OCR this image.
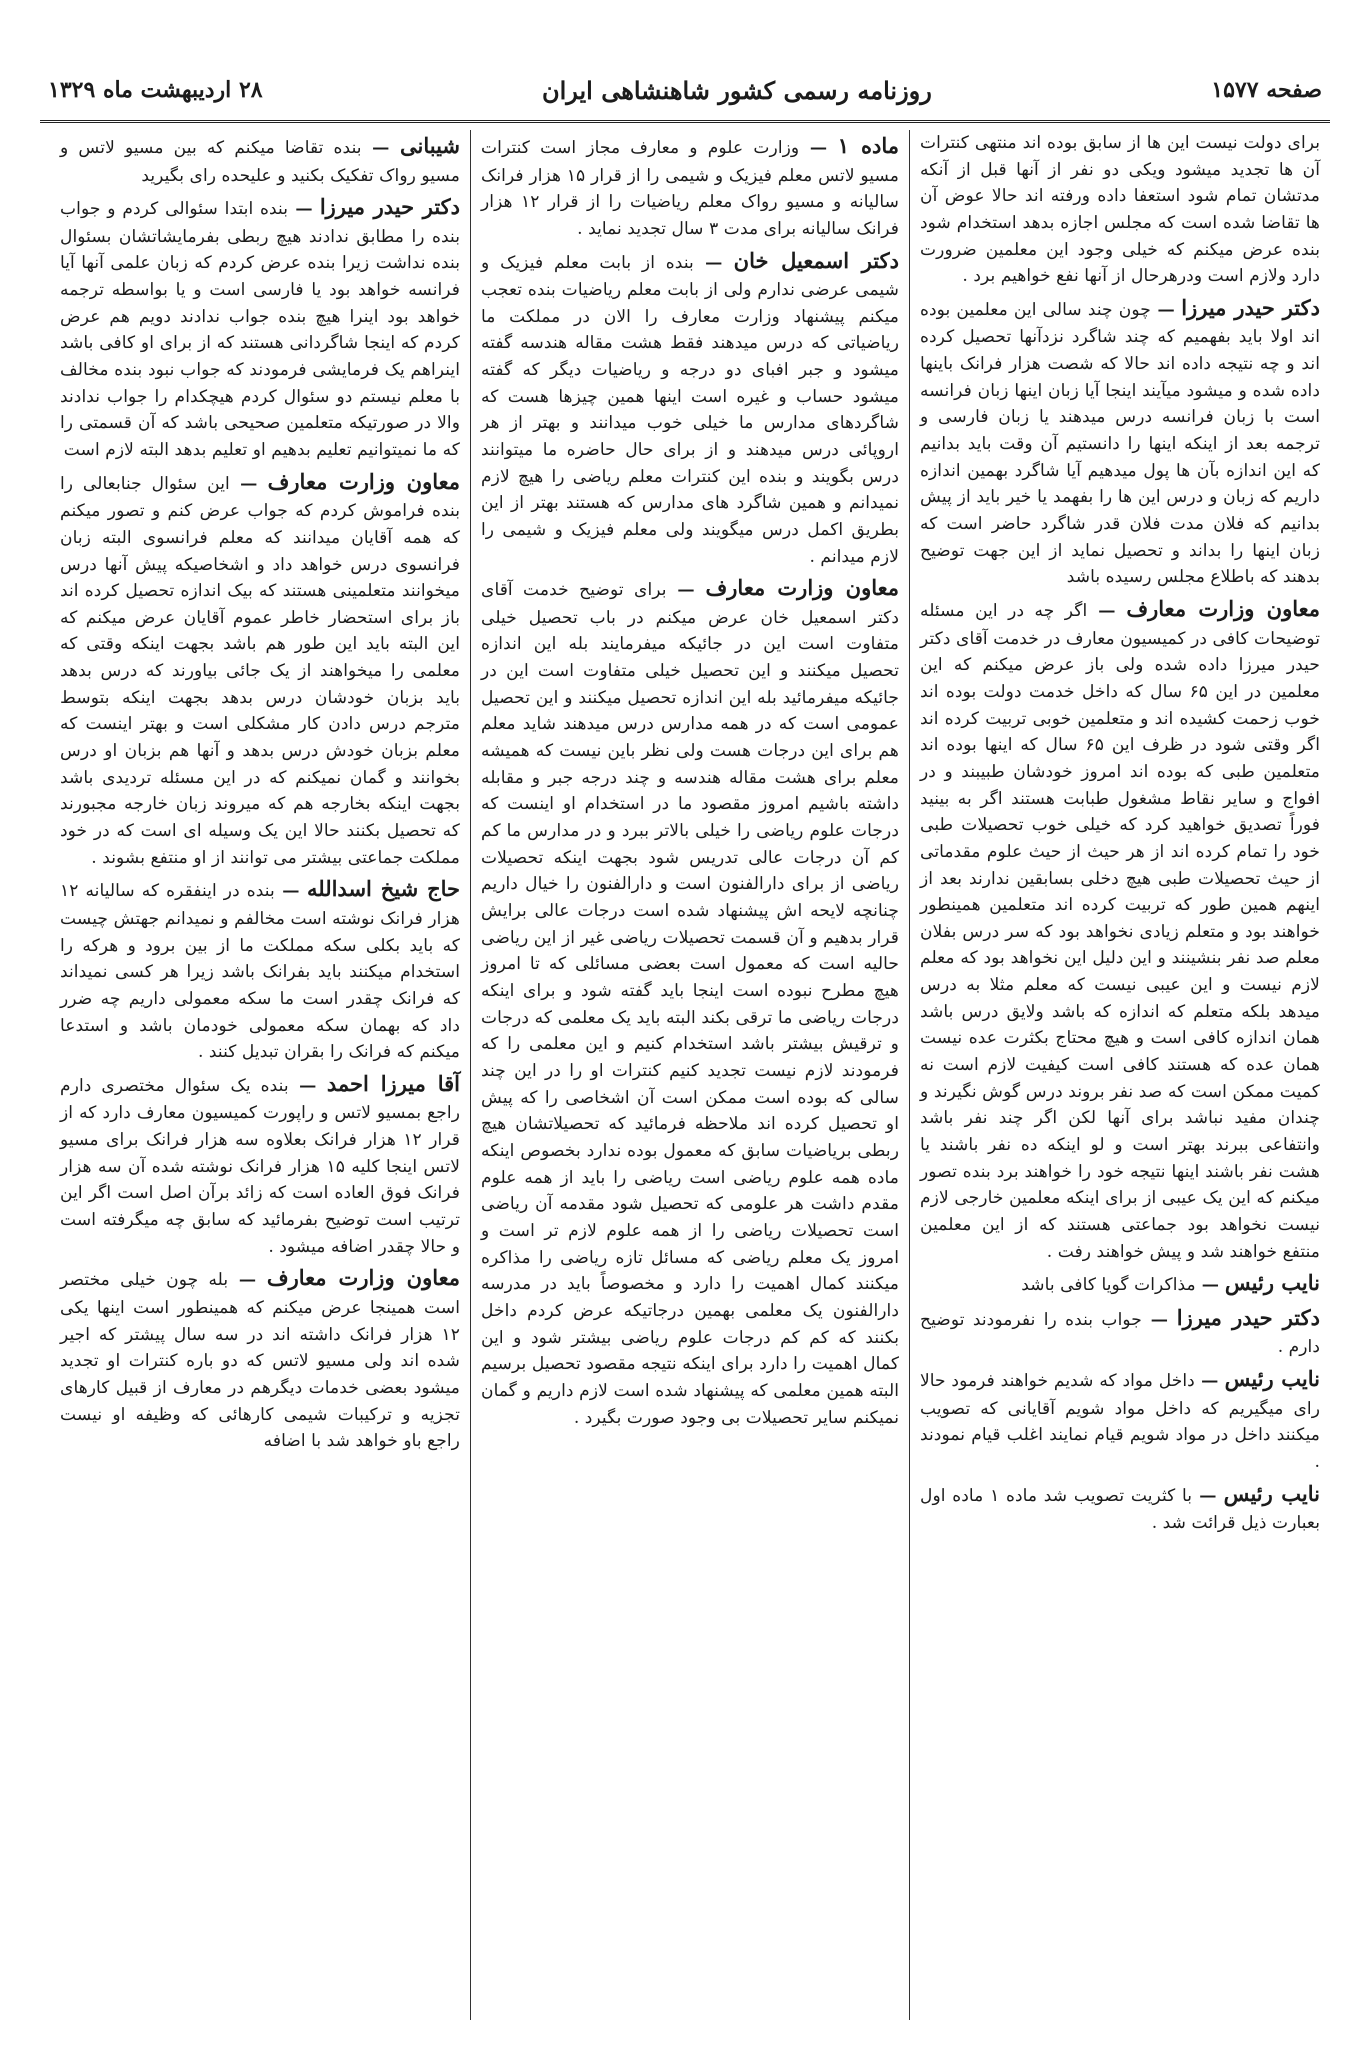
صفحه ۱۵۷۷
روزنامه رسمی کشور شاهنشاهی ایران
۲۸ اردیبهشت ماه ۱۳۲۹

برای دولت نیست این ها از سابق بوده اند منتهی کنترات آن ها تجدید میشود ویکی دو نفر از آنها قبل از آنکه مدتشان تمام شود استعفا داده ورفته اند حالا عوض آن ها تقاضا شده است که مجلس اجازه بدهد استخدام شود بنده عرض میکنم که خیلی وجود این معلمین ضرورت دارد ولازم است ودرهرحال از آنها نفع خواهیم برد .

دکتر حیدر میرزا — چون چند سالی این معلمین بوده اند اولا باید بفهمیم که چند شاگرد نزدآنها تحصیل کرده اند و چه نتیجه داده اند حالا که شصت هزار فرانک باینها داده شده و میشود میآیند اینجا آیا زبان اینها زبان فرانسه است با زبان فرانسه درس میدهند یا زبان فارسی و ترجمه بعد از اینکه اینها را دانستیم آن وقت باید بدانیم که این اندازه بآن ها پول میدهیم آیا شاگرد بهمین اندازه داریم که زبان و درس این ها را بفهمد یا خیر باید از پیش بدانیم که فلان مدت فلان قدر شاگرد حاضر است که زبان اینها را بداند و تحصیل نماید از این جهت توضیح بدهند که باطلاع مجلس رسیده باشد

معاون وزارت معارف — اگر چه در این مسئله توضیحات کافی در کمیسیون معارف در خدمت آقای دکتر حیدر میرزا داده شده ولی باز عرض میکنم که این معلمین در این ۶۵ سال که داخل خدمت دولت بوده اند خوب زحمت کشیده اند و متعلمین خوبی تربیت کرده اند اگر وقتی شود در ظرف این ۶۵ سال که اینها بوده اند متعلمین طبی که بوده اند امروز خودشان طبیبند و در افواج و سایر نقاط مشغول طبابت هستند اگر به بینید فوراً تصدیق خواهید کرد که خیلی خوب تحصیلات طبی خود را تمام کرده اند از هر حیث از حیث علوم مقدماتی از حیث تحصیلات طبی هیچ دخلی بسابقین ندارند بعد از اینهم همین طور که تربیت کرده اند متعلمین همینطور خواهند بود و متعلم زیادی نخواهد بود که سر درس بفلان معلم صد نفر بنشینند و این دلیل این نخواهد بود که معلم لازم نیست و این عیبی نیست که معلم مثلا به درس میدهد بلکه متعلم که اندازه که باشد ولایق درس باشد همان اندازه کافی است و هیچ محتاج بکثرت عده نیست همان عده که هستند کافی است کیفیت لازم است نه کمیت ممکن است که صد نفر بروند درس گوش نگیرند و چندان مفید نباشد برای آنها لکن اگر چند نفر باشد وانتفاعی ببرند بهتر است و لو اینکه ده نفر باشند یا هشت نفر باشند اینها نتیجه خود را خواهند برد بنده تصور میکنم که این یک عیبی از برای اینکه معلمین خارجی لازم نیست نخواهد بود جماعتی هستند که از این معلمین منتفع خواهند شد و پیش خواهند رفت .

نایب رئیس — مذاکرات گویا کافی باشد

دکتر حیدر میرزا — جواب بنده را نفرمودند توضیح دارم .

نایب رئیس — داخل مواد که شدیم خواهند فرمود حالا رای میگیریم که داخل مواد شویم آقایانی که تصویب میکنند داخل در مواد شویم قیام نمایند اغلب قیام نمودند .

نایب رئیس — با کثریت تصویب شد ماده ۱ ماده اول بعبارت ذیل قرائت شد .

ماده ۱ — وزارت علوم و معارف مجاز است کنترات مسیو لاتس معلم فیزیک و شیمی را از قرار ۱۵ هزار فرانک سالیانه و مسیو رواک معلم ریاضیات را از قرار ۱۲ هزار فرانک سالیانه برای مدت ۳ سال تجدید نماید .

دکتر اسمعیل خان — بنده از بابت معلم فیزیک و شیمی عرضی ندارم ولی از بابت معلم ریاضیات بنده تعجب میکنم پیشنهاد وزارت معارف را الان در مملکت ما ریاضیاتی که درس میدهند فقط هشت مقاله هندسه گفته میشود و جبر افبای دو درجه و ریاضیات دیگر که گفته میشود حساب و غیره است اینها همین چیزها هست که شاگردهای مدارس ما خیلی خوب میدانند و بهتر از هر اروپائی درس میدهند و از برای حال حاضره ما میتوانند درس بگویند و بنده این کنترات معلم ریاضی را هیچ لازم نمیدانم و همین شاگرد های مدارس که هستند بهتر از این بطریق اکمل درس میگویند ولی معلم فیزیک و شیمی را لازم میدانم .

معاون وزارت معارف — برای توضیح خدمت آقای دکتر اسمعیل خان عرض میکنم در باب تحصیل خیلی متفاوت است این در جائیکه میفرمایند بله این اندازه تحصیل میکنند و این تحصیل خیلی متفاوت است این در جائیکه میفرمائید بله این اندازه تحصیل میکنند و این تحصیل عمومی است که در همه مدارس درس میدهند شاید معلم هم برای این درجات هست ولی نظر باین نیست که همیشه معلم برای هشت مقاله هندسه و چند درجه جبر و مقابله داشته باشیم امروز مقصود ما در استخدام او اینست که درجات علوم ریاضی را خیلی بالاتر ببرد و در مدارس ما کم کم آن درجات عالی تدریس شود بجهت اینکه تحصیلات ریاضی از برای دارالفنون است و دارالفنون را خیال داریم چنانچه لایحه اش پیشنهاد شده است درجات عالی برایش قرار بدهیم و آن قسمت تحصیلات ریاضی غیر از این ریاضی حالیه است که معمول است بعضی مسائلی که تا امروز هیچ مطرح نبوده است اینجا باید گفته شود و برای اینکه درجات ریاضی ما ترقی بکند البته باید یک معلمی که درجات و ترقیش بیشتر باشد استخدام کنیم و این معلمی را که فرمودند لازم نیست تجدید کنیم کنترات او را در این چند سالی که بوده است ممکن است آن اشخاصی را که پیش او تحصیل کرده اند ملاحظه فرمائید که تحصیلاتشان هیچ ربطی بریاضیات سابق که معمول بوده ندارد بخصوص اینکه ماده همه علوم ریاضی است ریاضی را باید از همه علوم مقدم داشت هر علومی که تحصیل شود مقدمه آن ریاضی است تحصیلات ریاضی را از همه علوم لازم تر است و امروز یک معلم ریاضی که مسائل تازه ریاضی را مذاکره میکنند کمال اهمیت را دارد و مخصوصاً باید در مدرسه دارالفنون یک معلمی بهمین درجاتیکه عرض کردم داخل بکنند که کم کم درجات علوم ریاضی بیشتر شود و این کمال اهمیت را دارد برای اینکه نتیجه مقصود تحصیل برسیم البته همین معلمی که پیشنهاد شده است لازم داریم و گمان نمیکنم سایر تحصیلات بی وجود صورت بگیرد .

شیبانی — بنده تقاضا میکنم که بین مسیو لاتس و مسیو رواک تفکیک بکنید و علیحده رای بگیرید

دکتر حیدر میرزا — بنده ابتدا سئوالی کردم و جواب بنده را مطابق ندادند هیچ ربطی بفرمایشاتشان بسئوال بنده نداشت زیرا بنده عرض کردم که زبان علمی آنها آیا فرانسه خواهد بود یا فارسی است و یا بواسطه ترجمه خواهد بود اینرا هیچ بنده جواب ندادند دویم هم عرض کردم که اینجا شاگردانی هستند که از برای او کافی باشد اینراهم یک فرمایشی فرمودند که جواب نبود بنده مخالف با معلم نیستم دو سئوال کردم هیچکدام را جواب ندادند والا در صورتیکه متعلمین صحیحی باشد که آن قسمتی را که ما نمیتوانیم تعلیم بدهیم او تعلیم بدهد البته لازم است

معاون وزارت معارف — این سئوال جنابعالی را بنده فراموش کردم که جواب عرض کنم و تصور میکنم که همه آقایان میدانند که معلم فرانسوی البته زبان فرانسوی درس خواهد داد و اشخاصیکه پیش آنها درس میخوانند متعلمینی هستند که بیک اندازه تحصیل کرده اند باز برای استحضار خاطر عموم آقایان عرض میکنم که این البته باید این طور هم باشد بجهت اینکه وقتی که معلمی را میخواهند از یک جائی بیاورند که درس بدهد باید بزبان خودشان درس بدهد بجهت اینکه بتوسط مترجم درس دادن کار مشکلی است و بهتر اینست که معلم بزبان خودش درس بدهد و آنها هم بزبان او درس بخوانند و گمان نمیکنم که در این مسئله تردیدی باشد بجهت اینکه بخارجه هم که میروند زبان خارجه مجبورند که تحصیل بکنند حالا این یک وسیله ای است که در خود مملکت جماعتی بیشتر می توانند از او منتفع بشوند .

حاج شیخ اسدالله — بنده در اینفقره که سالیانه ۱۲ هزار فرانک نوشته است مخالفم و نمیدانم جهتش چیست که باید بکلی سکه مملکت ما از بین برود و هرکه را استخدام میکنند باید بفرانک باشد زیرا هر کسی نمیداند که فرانک چقدر است ما سکه معمولی داریم چه ضرر داد که بهمان سکه معمولی خودمان باشد و استدعا میکنم که فرانک را بقران تبدیل کنند .

آقا میرزا احمد — بنده یک سئوال مختصری دارم راجع بمسیو لاتس و راپورت کمیسیون معارف دارد که از قرار ۱۲ هزار فرانک بعلاوه سه هزار فرانک برای مسیو لاتس اینجا کلیه ۱۵ هزار فرانک نوشته شده آن سه هزار فرانک فوق العاده است که زائد برآن اصل است اگر این ترتیب است توضیح بفرمائید که سابق چه میگرفته است و حالا چقدر اضافه میشود .

معاون وزارت معارف — بله چون خیلی مختصر است همینجا عرض میکنم که همینطور است اینها یکی ۱۲ هزار فرانک داشته اند در سه سال پیشتر که اجیر شده اند ولی مسیو لاتس که دو باره کنترات او تجدید میشود بعضی خدمات دیگرهم در معارف از قبیل کارهای تجزیه و ترکیبات شیمی کارهائی که وظیفه او نیست راجع باو خواهد شد با اضافه
